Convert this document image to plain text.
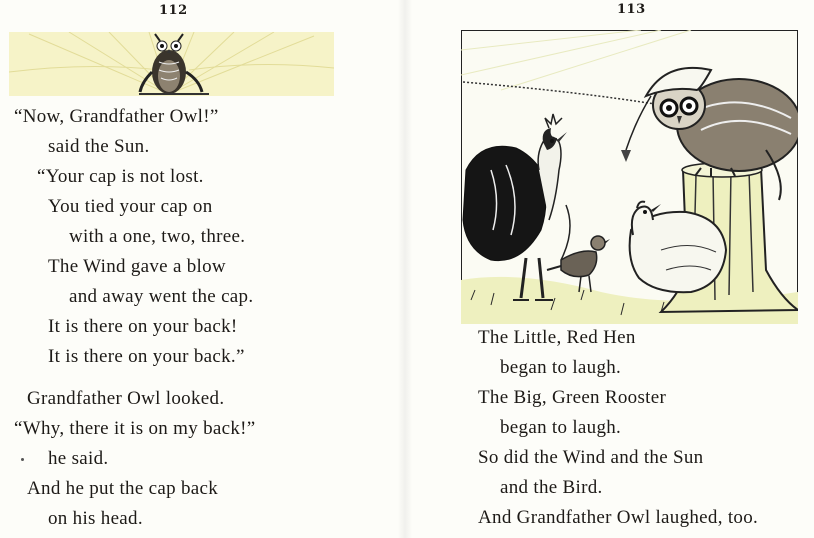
112
“Now, Grandfather Owl!”
said the Sun.
“Your cap is not lost.
You tied your cap on
with a one, two, three.
The Wind gave a blow
and away went the cap.
It is there on your back!
It is there on your back.”
Grandfather Owl looked.
“Why, there it is on my back!”
he said.
And he put the cap back
on his head.
113
The Little, Red Hen
began to laugh.
The Big, Green Rooster
began to laugh.
So did the Wind and the Sun
and the Bird.
And Grandfather Owl laughed, too.
